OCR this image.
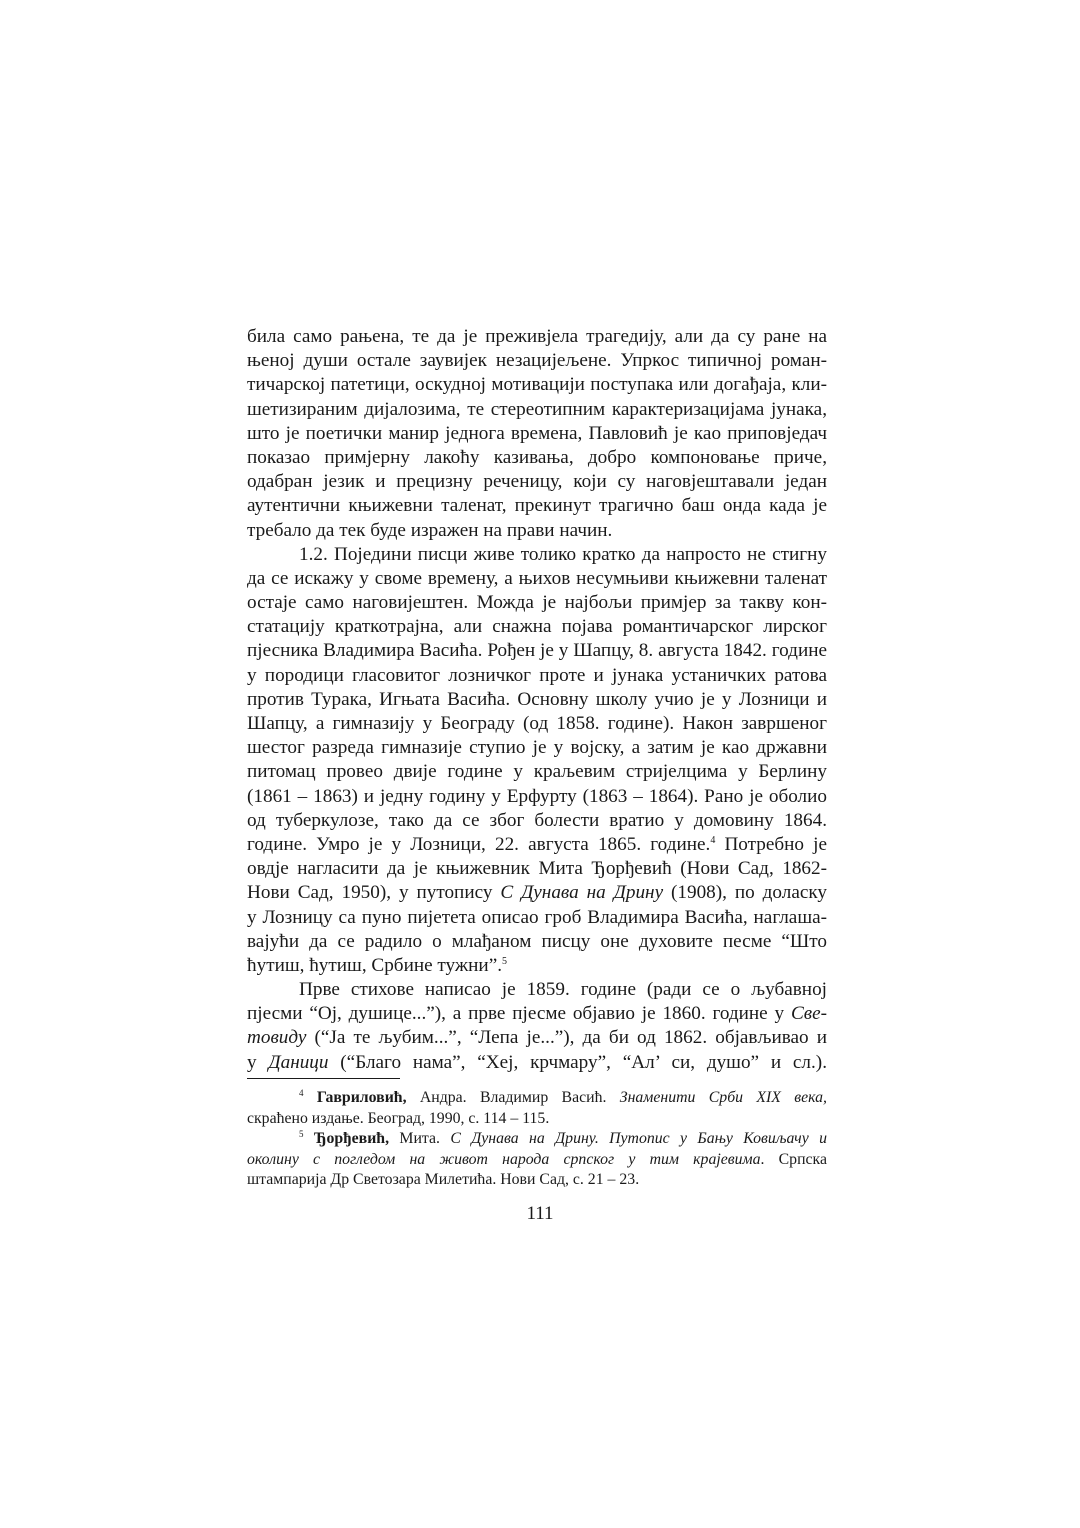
била само рањена, те да је преживјела трагедију, али да су ране на
њеној души остале заувијек незацијељене. Упркос типичној роман-
тичарској патетици, оскудној мотивацији поступака или догађаја, кли-
шетизираним дијалозима, те стереотипним карактеризацијама јунака,
што је поетички манир једнога времена, Павловић је као приповједач
показао примјерну лакоћу казивања, добро компоновање приче,
одабран језик и прецизну реченицу, који су наговјештавали један
аутентични књижевни таленат, прекинут трагично баш онда када је
требало да тек буде изражен на прави начин.
1.2. Поједини писци живе толико кратко да напросто не стигну
да се искажу у своме времену, а њихов несумњиви књижевни таленат
остаје само наговијештен. Можда је најбољи примјер за такву кон-
статацију краткотрајна, али снажна појава романтичарског лирског
пјесника Владимира Васића. Рођен је у Шапцу, 8. августа 1842. године
у породици гласовитог лозничког проте и јунака устаничких ратова
против Турака, Игњата Васића. Основну школу учио је у Лозници и
Шапцу, а гимназију у Београду (од 1858. године). Након завршеног
шестог разреда гимназије ступио је у војску, а затим је као државни
питомац провео двије године у краљевим стријелцима у Берлину
(1861 – 1863) и једну годину у Ерфурту (1863 – 1864). Рано је оболио
од туберкулозе, тако да се због болести вратио у домовину 1864.
године. Умро је у Лозници, 22. августа 1865. године.$^4$ Потребно је
овдје нагласити да је књижевник Мита Ђорђевић (Нови Сад, 1862-
Нови Сад, 1950), у путопису С Дунава на Дрину (1908), по доласку
у Лозницу са пуно пијетета описао гроб Владимира Васића, наглаша-
вајући да се радило о млађаном писцу оне духовите песме “Што
ћутиш, ћутиш, Србине тужни”.$^5$
Прве стихове написао је 1859. године (ради се о љубавној
пјесми “Ој, душице...”), а прве пјесме објавио је 1860. године у Све-
товиду (“Ја те љубим...”, “Лепа је...”), да би од 1862. објављивао и
у Даници (“Благо нама”, “Хеј, крчмару”, “Ал’ си, душо” и сл.).
$^4$ Гавриловић, Андра. Владимир Васић. Знаменити Срби XIX века,
скраћено издање. Београд, 1990, с. 114 – 115.
$^5$ Ђорђевић, Мита. С Дунава на Дрину. Путопис у Бању Ковиљачу и
околину с погледом на живот народа српског у тим крајевима. Српска
штампарија Др Светозара Милетића. Нови Сад, с. 21 – 23.
111
